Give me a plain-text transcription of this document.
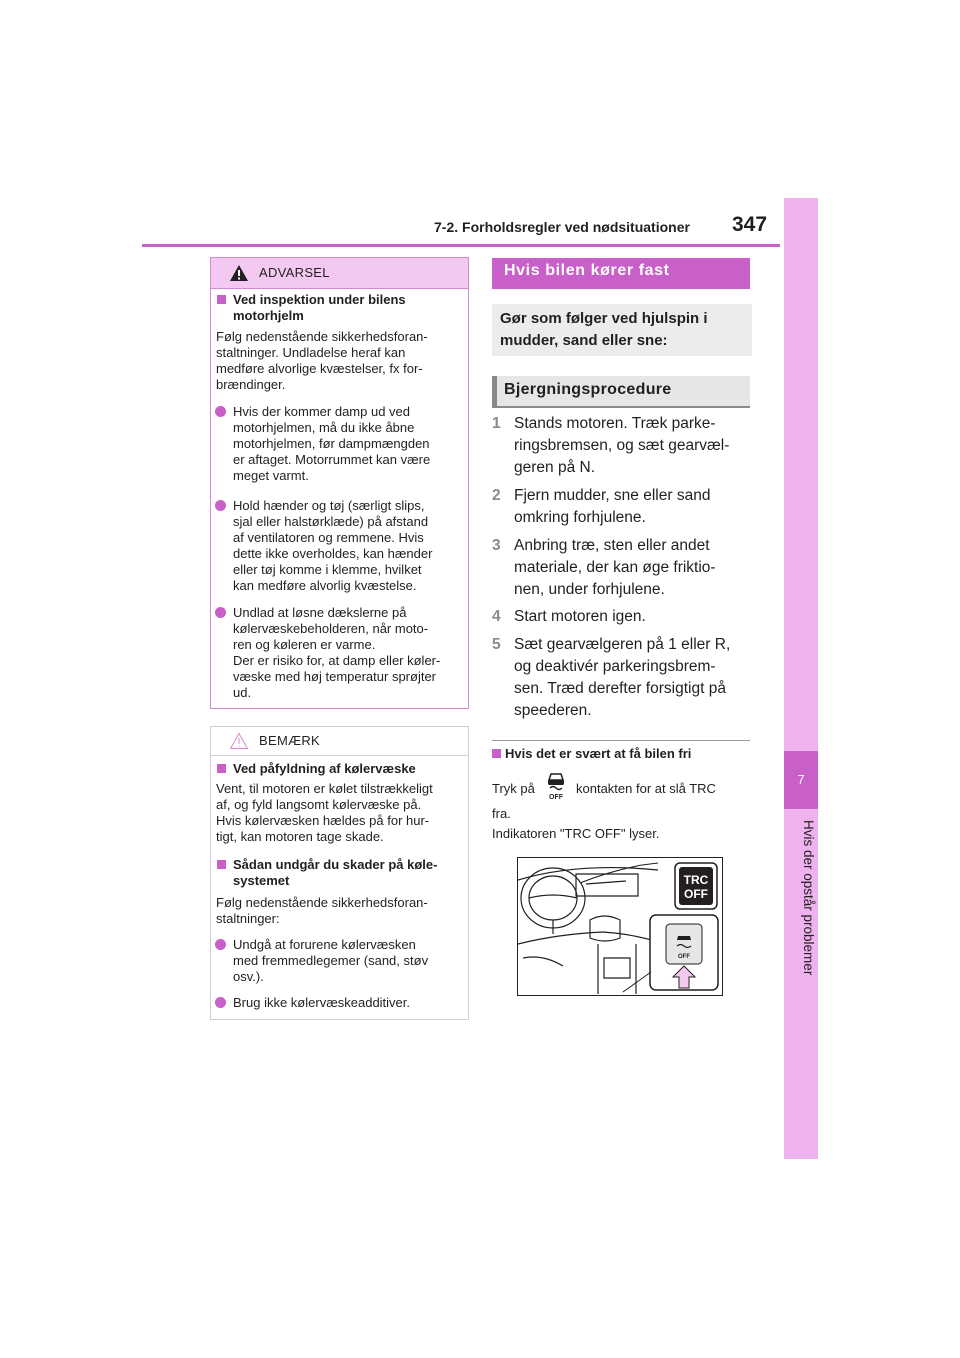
7-2. Forholdsregler ved nødsituationer 347
7
Hvis der opstår problemer
ADVARSEL
Ved inspektion under bilens motorhjelm
Følg nedenstående sikkerhedsforan-
staltninger. Undladelse heraf kan
medføre alvorlige kvæstelser, fx for-
brændinger.
Hvis der kommer damp ud ved
motorhjelmen, må du ikke åbne
motorhjelmen, før dampmængden
er aftaget. Motorrummet kan være
meget varmt.
Hold hænder og tøj (særligt slips,
sjal eller halstørklæde) på afstand
af ventilatoren og remmene. Hvis
dette ikke overholdes, kan hænder
eller tøj komme i klemme, hvilket
kan medføre alvorlig kvæstelse.
Undlad at løsne dækslerne på
kølervæskebeholderen, når moto-
ren og køleren er varme.
Der er risiko for, at damp eller køler-
væske med høj temperatur sprøjter
ud.
BEMÆRK
Ved påfyldning af kølervæske
Vent, til motoren er kølet tilstrækkeligt
af, og fyld langsomt kølervæske på.
Hvis kølervæsken hældes på for hur-
tigt, kan motoren tage skade.
Sådan undgår du skader på køle-
systemet
Følg nedenstående sikkerhedsforan-
staltninger:
Undgå at forurene kølervæsken
med fremmedlegemer (sand, støv
osv.).
Brug ikke kølervæskeadditiver.
Hvis bilen kører fast
Gør som følger ved hjulspin i
mudder, sand eller sne:
Bjergningsprocedure
1 Stands motoren. Træk parke-
ringsbremsen, og sæt gearvæl-
geren på N.
2 Fjern mudder, sne eller sand
omkring forhjulene.
3 Anbring træ, sten eller andet
materiale, der kan øge friktio-
nen, under forhjulene.
4 Start motoren igen.
5 Sæt gearvælgeren på 1 eller R,
og deaktivér parkeringsbrem-
sen. Træd derefter forsigtigt på
speederen.
Hvis det er svært at få bilen fri
Tryk på
OFF
kontakten for at slå TRC
fra.
Indikatoren "TRC OFF" lyser.
TRC
OFF
OFF
